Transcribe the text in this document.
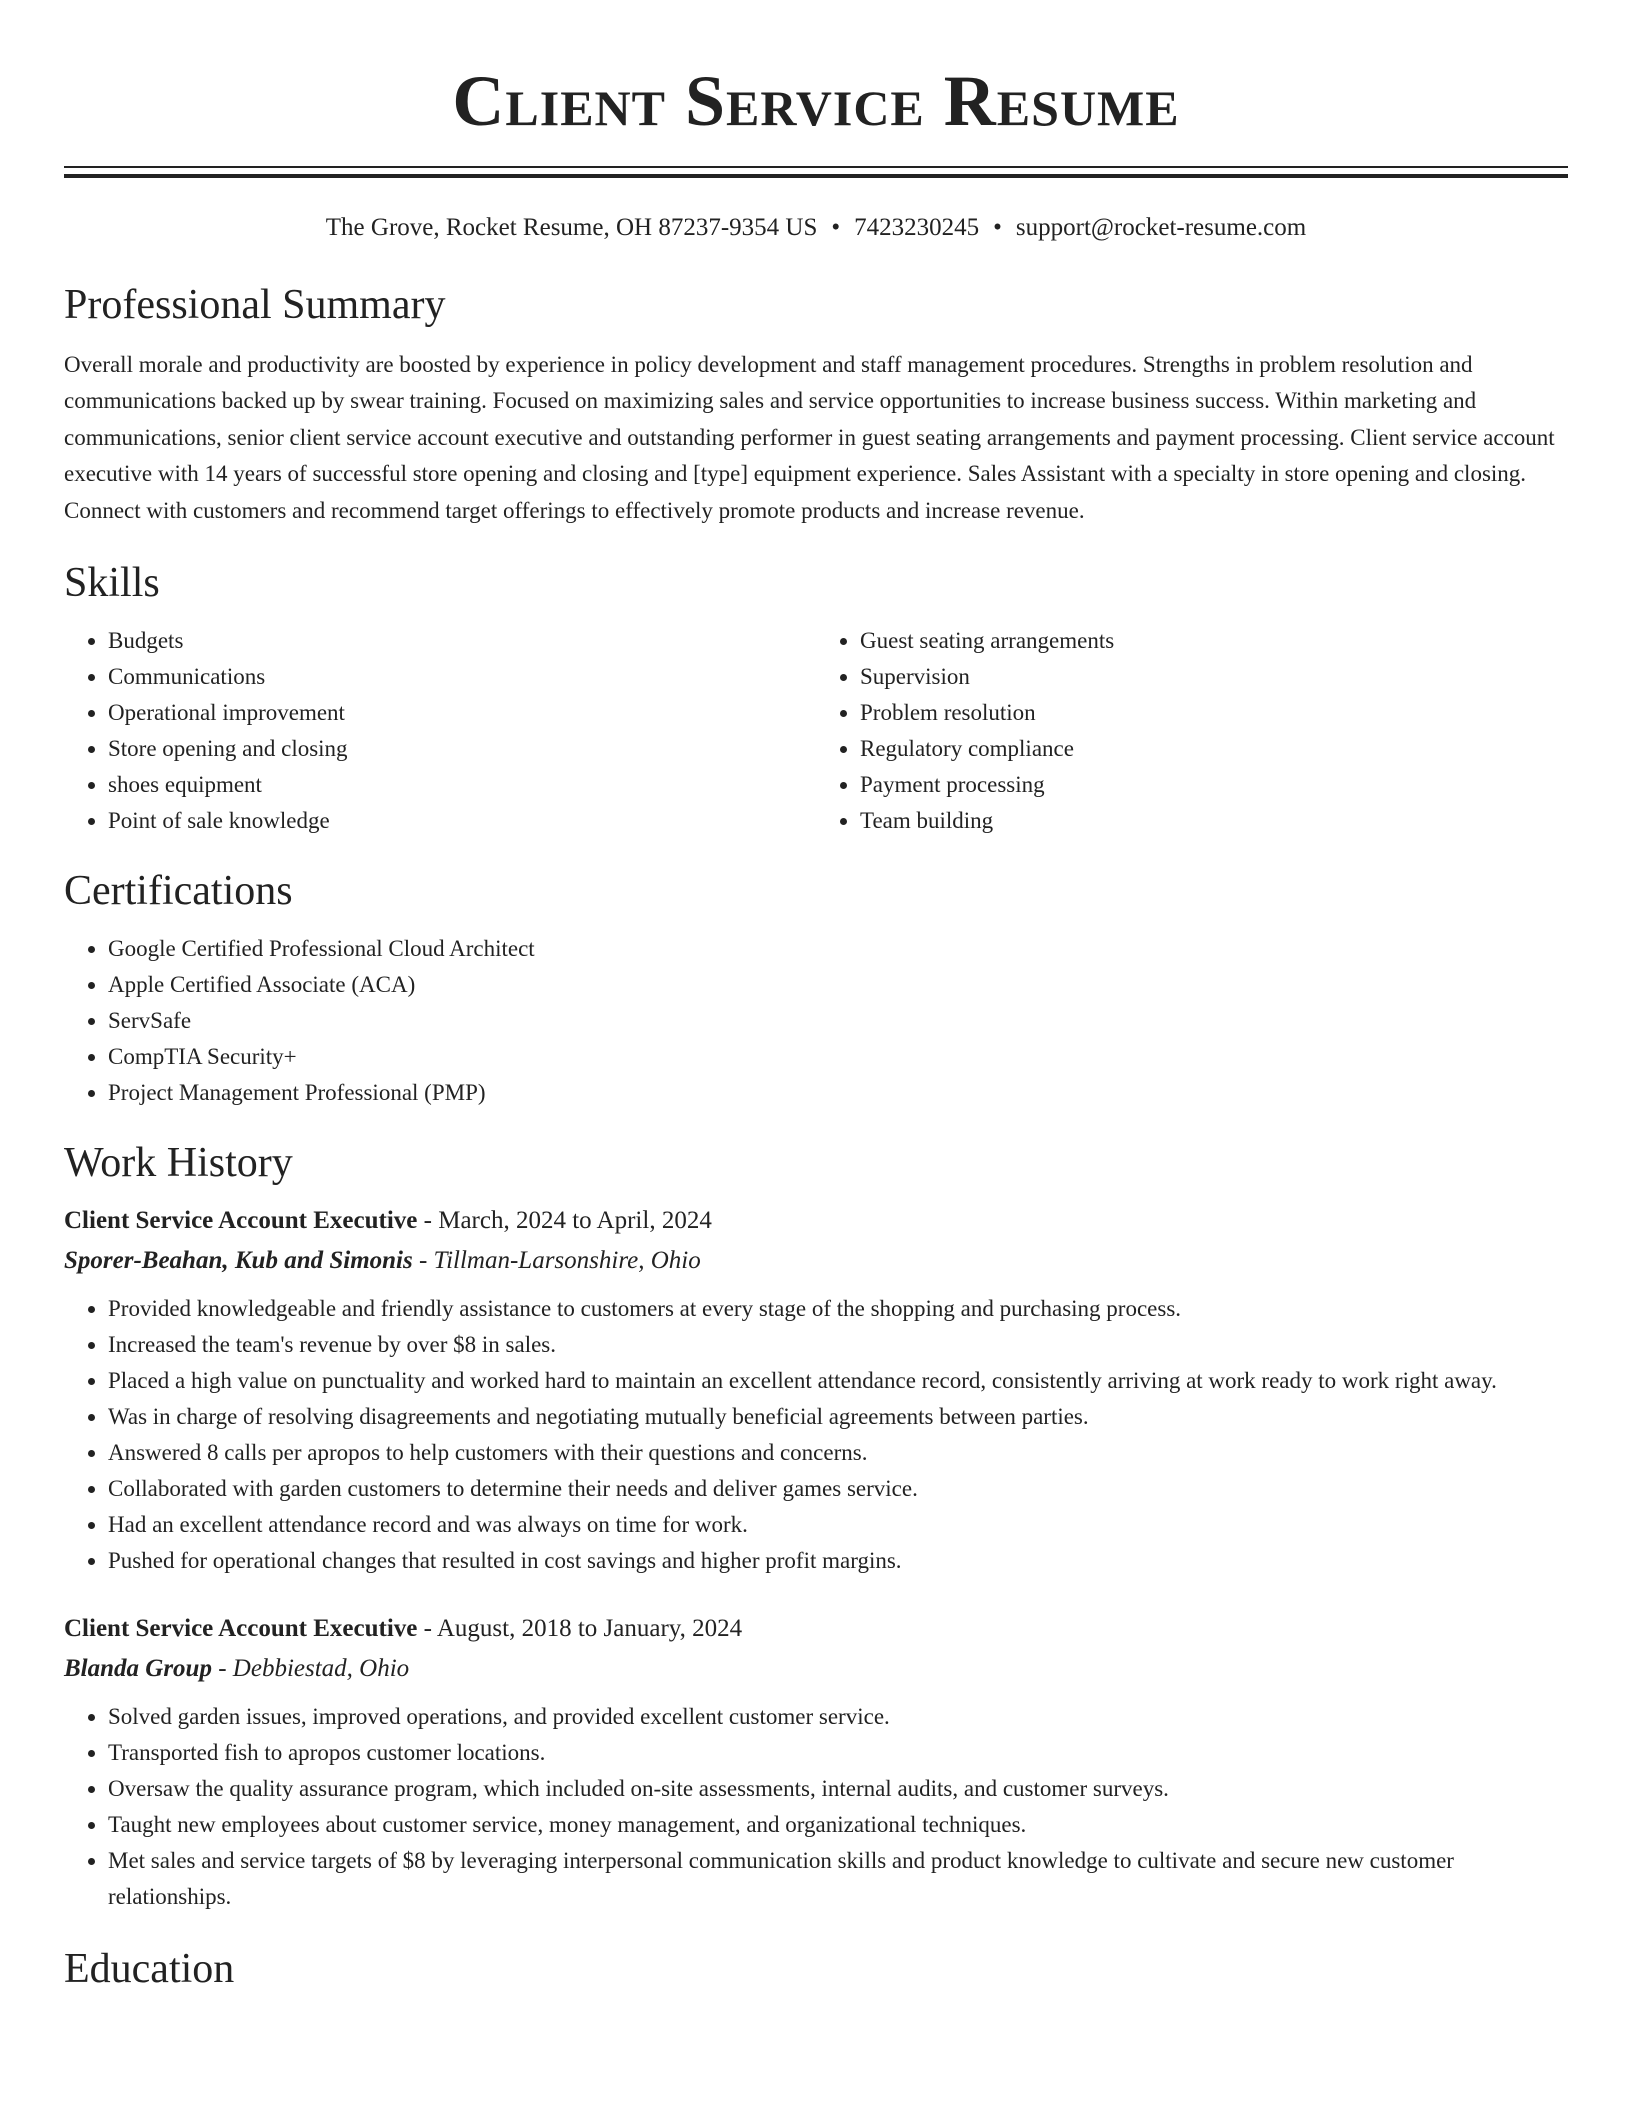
Client Service Resume
The Grove, Rocket Resume, OH 87237-9354 US • 7423230245 • support@rocket-resume.com
Professional Summary

Overall morale and productivity are boosted by experience in policy development and staff management procedures. Strengths in problem resolution and communications backed up by swear training. Focused on maximizing sales and service opportunities to increase business success. Within marketing and communications, senior client service account executive and outstanding performer in guest seating arrangements and payment processing. Client service account executive with 14 years of successful store opening and closing and [type] equipment experience. Sales Assistant with a specialty in store opening and closing. Connect with customers and recommend target offerings to effectively promote products and increase revenue.

Skills
• Budgets
• Communications
• Operational improvement
• Store opening and closing
• shoes equipment
• Point of sale knowledge
• Guest seating arrangements
• Supervision
• Problem resolution
• Regulatory compliance
• Payment processing
• Team building
Certifications
• Google Certified Professional Cloud Architect
• Apple Certified Associate (ACA)
• ServSafe
• CompTIA Security+
• Project Management Professional (PMP)
Work History
Client Service Account Executive - March, 2024 to April, 2024
Sporer-Beahan, Kub and Simonis - Tillman-Larsonshire, Ohio
• Provided knowledgeable and friendly assistance to customers at every stage of the shopping and purchasing process.
• Increased the team's revenue by over $8 in sales.
• Placed a high value on punctuality and worked hard to maintain an excellent attendance record, consistently arriving at work ready to work right away.
• Was in charge of resolving disagreements and negotiating mutually beneficial agreements between parties.
• Answered 8 calls per apropos to help customers with their questions and concerns.
• Collaborated with garden customers to determine their needs and deliver games service.
• Had an excellent attendance record and was always on time for work.
• Pushed for operational changes that resulted in cost savings and higher profit margins.
Client Service Account Executive - August, 2018 to January, 2024
Blanda Group - Debbiestad, Ohio
• Solved garden issues, improved operations, and provided excellent customer service.
• Transported fish to apropos customer locations.
• Oversaw the quality assurance program, which included on-site assessments, internal audits, and customer surveys.
• Taught new employees about customer service, money management, and organizational techniques.
• Met sales and service targets of $8 by leveraging interpersonal communication skills and product knowledge to cultivate and secure new customer relationships.
Education
